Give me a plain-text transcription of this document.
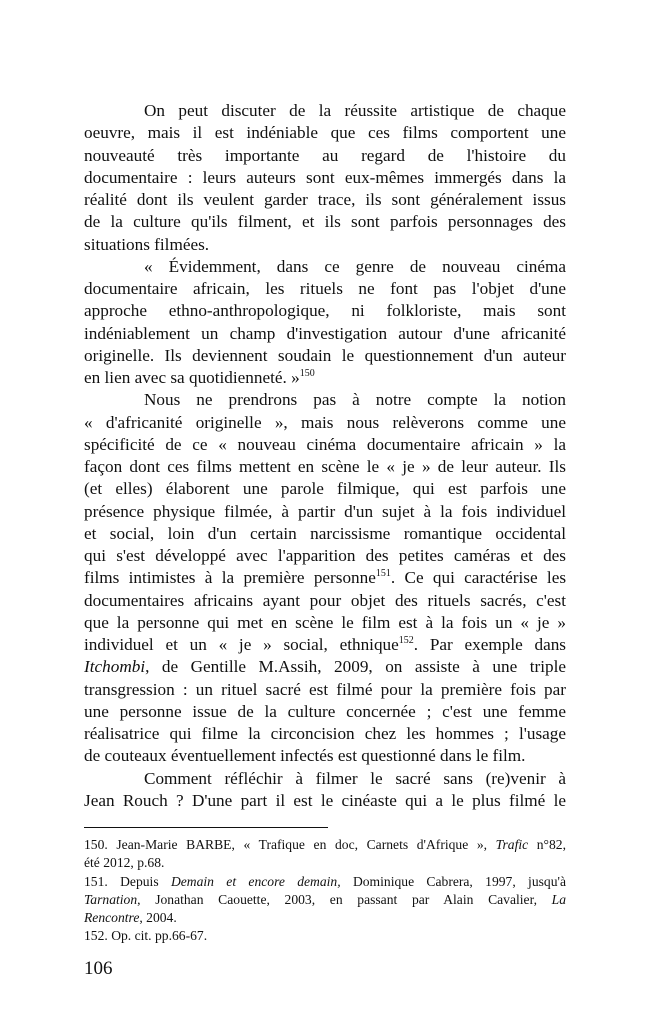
On peut discuter de la réussite artistique de chaque
oeuvre, mais il est indéniable que ces films comportent une
nouveauté très importante au regard de l'histoire du
documentaire : leurs auteurs sont eux-mêmes immergés dans la
réalité dont ils veulent garder trace, ils sont généralement issus
de la culture qu'ils filment, et ils sont parfois personnages des
situations filmées.
« Évidemment, dans ce genre de nouveau cinéma
documentaire africain, les rituels ne font pas l'objet d'une
approche ethno-anthropologique, ni folkloriste, mais sont
indéniablement un champ d'investigation autour d'une africanité
originelle. Ils deviennent soudain le questionnement d'un auteur
en lien avec sa quotidienneté. »$^{150}$
Nous ne prendrons pas à notre compte la notion
« d'africanité originelle », mais nous relèverons comme une
spécificité de ce « nouveau cinéma documentaire africain » la
façon dont ces films mettent en scène le « je » de leur auteur. Ils
(et elles) élaborent une parole filmique, qui est parfois une
présence physique filmée, à partir d'un sujet à la fois individuel
et social, loin d'un certain narcissisme romantique occidental
qui s'est développé avec l'apparition des petites caméras et des
films intimistes à la première personne$^{151}$. Ce qui caractérise les
documentaires africains ayant pour objet des rituels sacrés, c'est
que la personne qui met en scène le film est à la fois un « je »
individuel et un « je » social, ethnique$^{152}$. Par exemple dans
Itchombi, de Gentille M.Assih, 2009, on assiste à une triple
transgression : un rituel sacré est filmé pour la première fois par
une personne issue de la culture concernée ; c'est une femme
réalisatrice qui filme la circoncision chez les hommes ; l'usage
de couteaux éventuellement infectés est questionné dans le film.
Comment réfléchir à filmer le sacré sans (re)venir à
Jean Rouch ? D'une part il est le cinéaste qui a le plus filmé le
150. Jean-Marie BARBE, « Trafique en doc, Carnets d'Afrique », Trafic n°82,
été 2012, p.68.
151. Depuis Demain et encore demain, Dominique Cabrera, 1997, jusqu'à
Tarnation, Jonathan Caouette, 2003, en passant par Alain Cavalier, La
Rencontre, 2004.
152. Op. cit. pp.66-67.
106
